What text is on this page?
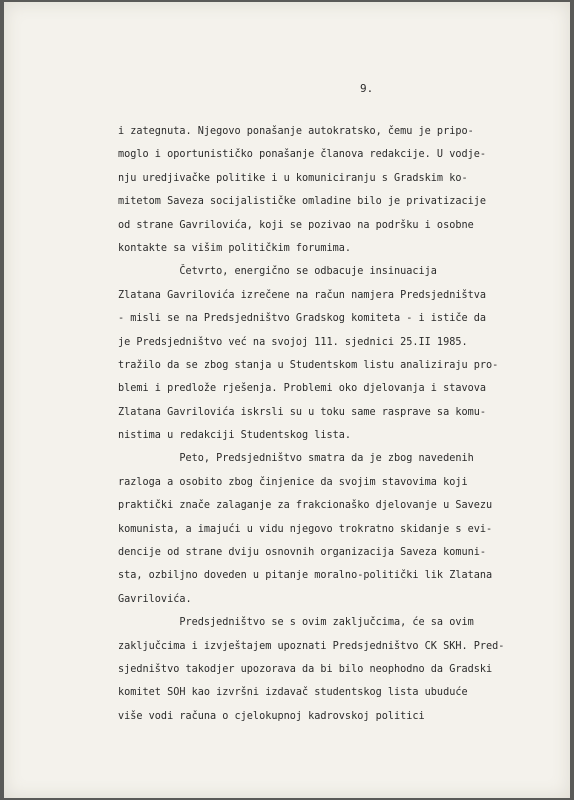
9.
i zategnuta. Njegovo ponašanje autokratsko, čemu je pripo-
moglo i oportunističko ponašanje članova redakcije. U vodje-
nju uredjivačke politike i u komuniciranju s Gradskim ko-
mitetom Saveza socijalističke omladine bilo je privatizacije
od strane Gavrilovića, koji se pozivao na podršku i osobne
kontakte sa višim političkim forumima.
Četvrto, energično se odbacuje insinuacija
Zlatana Gavrilovića izrečene na račun namjera Predsjedništva
- misli se na Predsjedništvo Gradskog komiteta - i ističe da
je Predsjedništvo već na svojoj 111. sjednici 25.II 1985.
tražilo da se zbog stanja u Studentskom listu analiziraju pro-
blemi i predlože rješenja. Problemi oko djelovanja i stavova
Zlatana Gavrilovića iskrsli su u toku same rasprave sa komu-
nistima u redakciji Studentskog lista.
Peto, Predsjedništvo smatra da je zbog navedenih
razloga a osobito zbog činjenice da svojim stavovima koji
praktički znače zalaganje za frakcionaško djelovanje u Savezu
komunista, a imajući u vidu njegovo trokratno skidanje s evi-
dencije od strane dviju osnovnih organizacija Saveza komuni-
sta, ozbiljno doveden u pitanje moralno-politički lik Zlatana
Gavrilovića.
Predsjedništvo se s ovim zaključcima, će sa ovim
zaključcima i izvještajem upoznati Predsjedništvo CK SKH. Pred-
sjedništvo takodjer upozorava da bi bilo neophodno da Gradski
komitet SOH kao izvršni izdavač studentskog lista ubuduće
više vodi računa o cjelokupnoj kadrovskoj politici
